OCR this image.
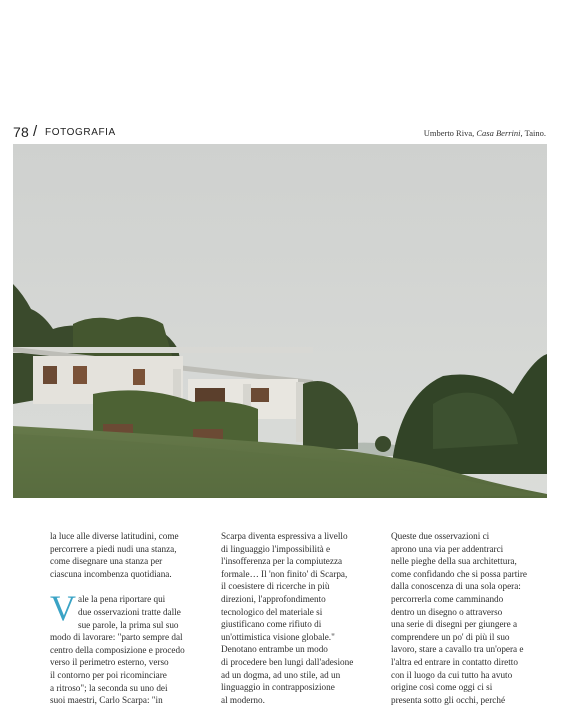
78 / FOTOGRAFIA	Umberto Riva, Casa Berrini, Taino.

la luce alle diverse latitudini, come

percorrere a piedi nudi una stanza,

come disegnare una stanza per

ciascuna incombenza quotidiana.

V ale la pena riportare qui

due osservazioni tratte dalle

sue parole, la prima sul suo

modo di lavorare: "parto sempre dal

centro della composizione e procedo

verso il perimetro esterno, verso

il contorno per poi ricominciare

a ritroso"; la seconda su uno dei

suoi maestri, Carlo Scarpa: "in

Scarpa diventa espressiva a livello

di linguaggio l'impossibilità e

l'insofferenza per la compiutezza

formale… Il 'non finito' di Scarpa,

il coesistere di ricerche in più

direzioni, l'approfondimento

tecnologico del materiale si

giustificano come rifiuto di

un'ottimistica visione globale."

Denotano entrambe un modo

di procedere ben lungi dall'adesione

ad un dogma, ad uno stile, ad un

linguaggio in contrapposizione

al moderno.

Queste due osservazioni ci

aprono una via per addentrarci

nelle pieghe della sua architettura,

come confidando che si possa partire

dalla conoscenza di una sola opera:

percorrerla come camminando

dentro un disegno o attraverso

una serie di disegni per giungere a

comprendere un po' di più il suo

lavoro, stare a cavallo tra un'opera e

l'altra ed entrare in contatto diretto

con il luogo da cui tutto ha avuto

origine così come oggi ci si

presenta sotto gli occhi, perché
